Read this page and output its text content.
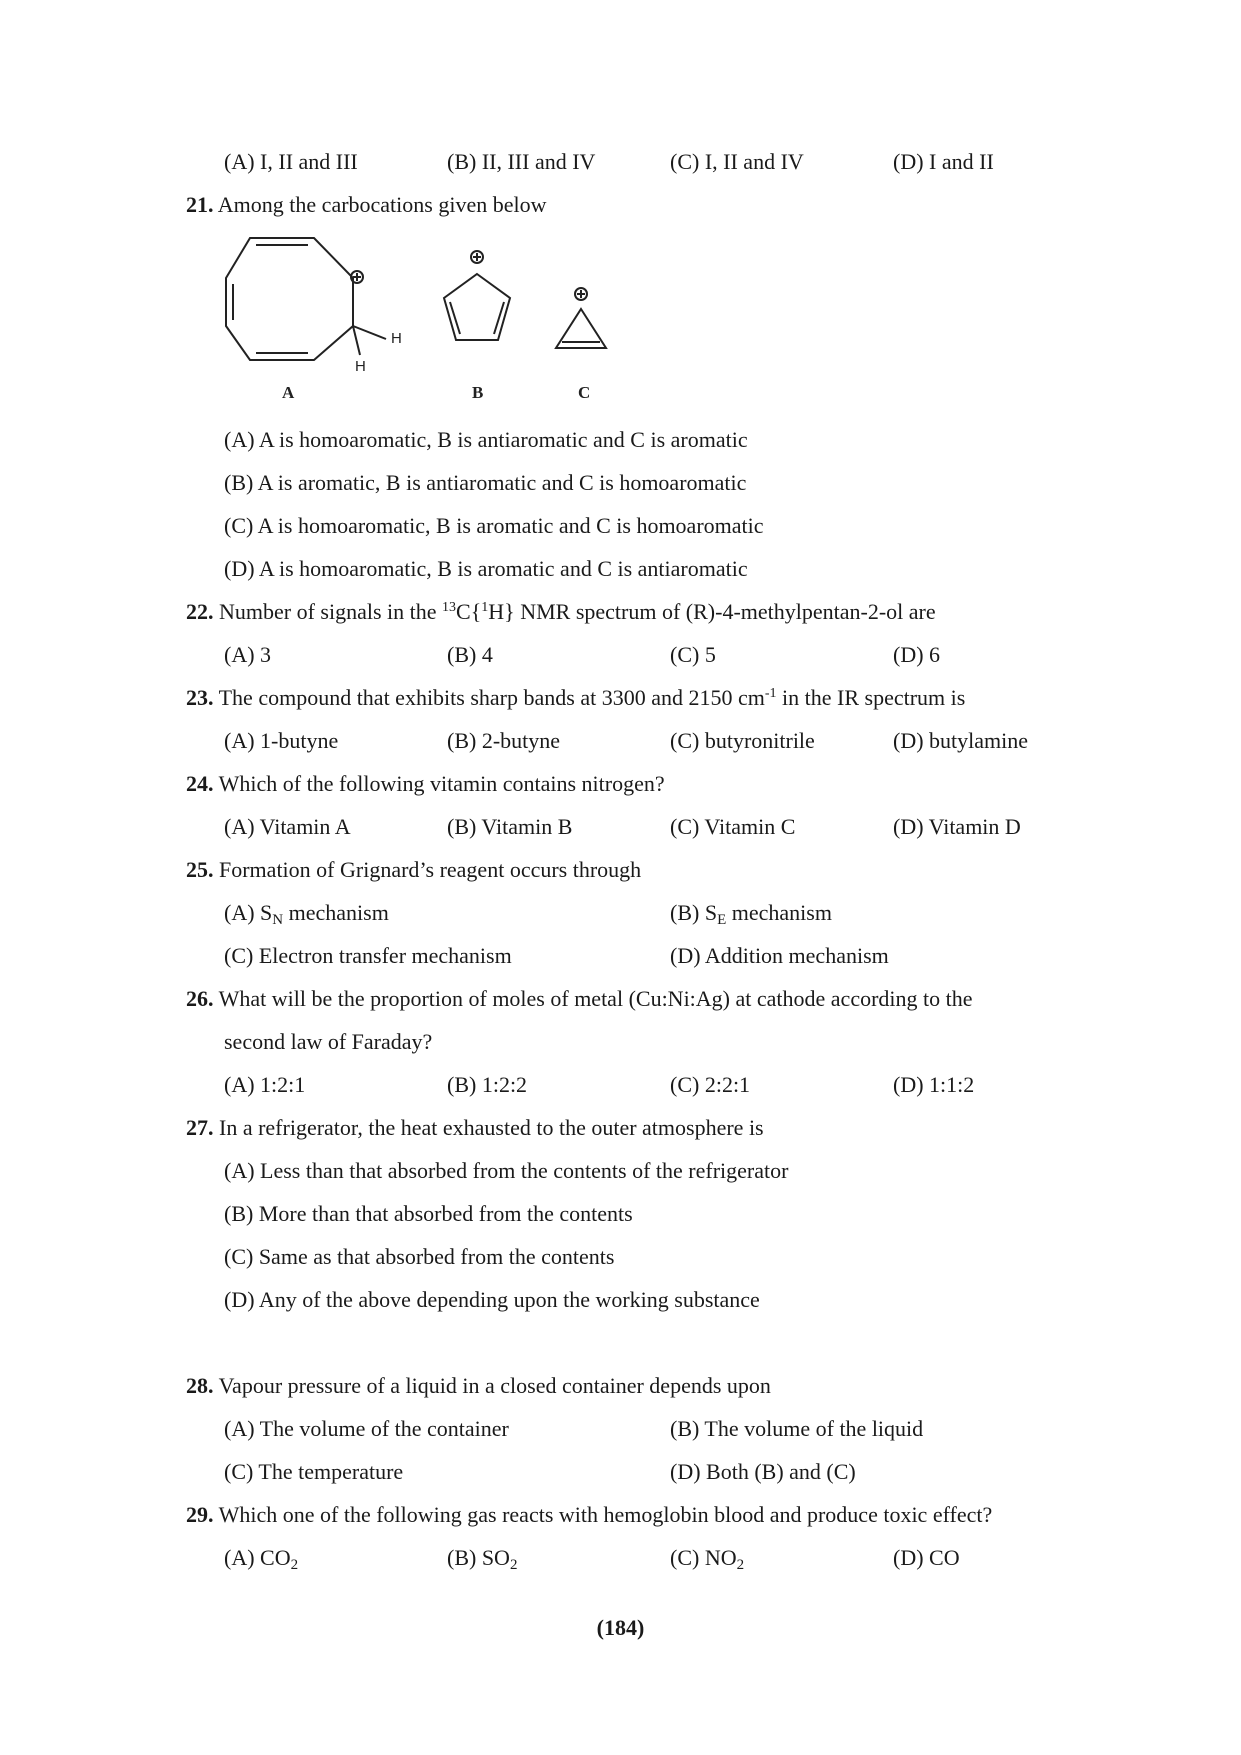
(A) I, II and III	(B) II, III and IV	(C) I, II and IV	(D) I and II
21. Among the carbocations given below
H
H
A	B	C
(A) A is homoaromatic, B is antiaromatic and C is aromatic
(B) A is aromatic, B is antiaromatic and C is homoaromatic
(C) A is homoaromatic, B is aromatic and C is homoaromatic
(D) A is homoaromatic, B is aromatic and C is antiaromatic
22. Number of signals in the $^{13}$C{$^1$H} NMR spectrum of (R)-4-methylpentan-2-ol are
(A) 3	(B) 4	(C) 5	(D) 6
23. The compound that exhibits sharp bands at 3300 and 2150 $cm^{-1}$ in the IR spectrum is
(A) 1-butyne	(B) 2-butyne	(C) butyronitrile	(D) butylamine
24. Which of the following vitamin contains nitrogen?
(A) Vitamin A	(B) Vitamin B	(C) Vitamin C	(D) Vitamin D
25. Formation of Grignard’s reagent occurs through
(A) $S_N$ mechanism	(B) $S_E$ mechanism
(C) Electron transfer mechanism	(D) Addition mechanism
26. What will be the proportion of moles of metal (Cu:Ni:Ag) at cathode according to the
second law of Faraday?
(A) 1:2:1	(B) 1:2:2	(C) 2:2:1	(D) 1:1:2
27. In a refrigerator, the heat exhausted to the outer atmosphere is
(A) Less than that absorbed from the contents of the refrigerator
(B) More than that absorbed from the contents
(C) Same as that absorbed from the contents
(D) Any of the above depending upon the working substance
28. Vapour pressure of a liquid in a closed container depends upon
(A) The volume of the container	(B) The volume of the liquid
(C) The temperature	(D) Both (B) and (C)
29. Which one of the following gas reacts with hemoglobin blood and produce toxic effect?
(A) $CO_2$	(B) $SO_2$	(C) $NO_2$	(D) CO
(184)
